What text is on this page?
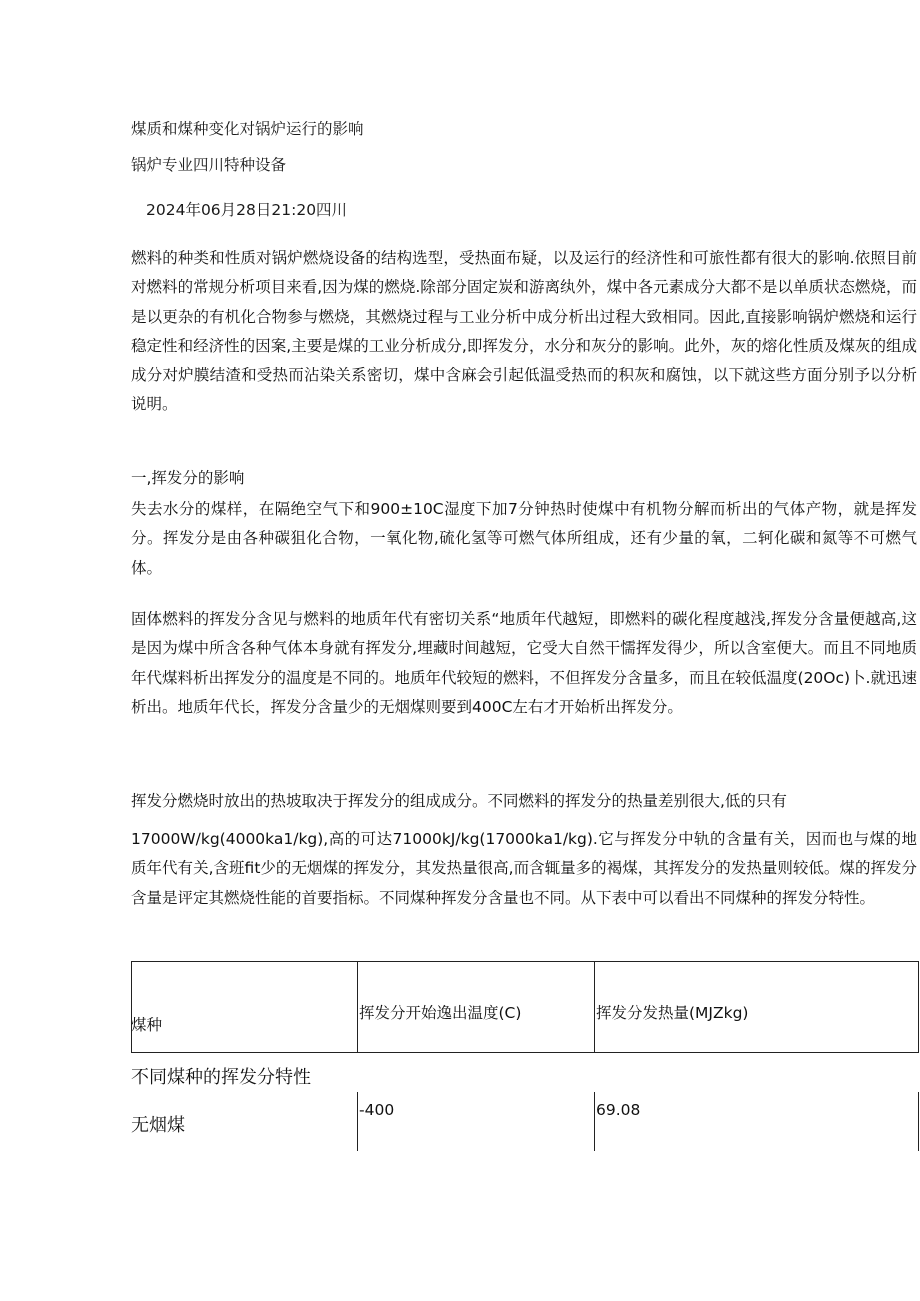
煤质和煤种变化对锅炉运行的影响
锅炉专业四川特种设备
2024年06月28日21:20四川

燃料的种类和性质对锅炉燃烧设备的结构选型，受热面布疑，以及运行的经济性和可旅性都有很大的影响.依照目前对燃料的常规分析项目来看,因为煤的燃烧.除部分固定炭和游离纨外，煤中各元素成分大都不是以单质状态燃烧，而是以更杂的有机化合物参与燃烧，其燃烧过程与工业分析中成分析出过程大致相同。因此,直接影响锅炉燃烧和运行稳定性和经济性的因案,主要是煤的工业分析成分,即挥发分，水分和灰分的影响。此外，灰的熔化性质及煤灰的组成成分对炉膜结渣和受热而沾染关系密切，煤中含麻会引起低温受热而的积灰和腐蚀，以下就这些方面分别予以分析说明。

一,挥发分的影响

失去水分的煤样，在隔绝空气下和900±10C湿度下加7分钟热时使煤中有机物分解而析出的气体产物，就是挥发分。挥发分是由各种碳狙化合物，一氧化物,硫化氢等可燃气体所组成，还有少量的氧，二轲化碳和氮等不可燃气体。

固体燃料的挥发分含见与燃料的地质年代有密切关系“地质年代越短，即燃料的碳化程度越浅,挥发分含量便越高,这是因为煤中所含各种气体本身就有挥发分,埋藏时间越短，它受大自然干懦挥发得少，所以含室便大。而且不同地质年代煤料析出挥发分的温度是不同的。地质年代较短的燃料，不但挥发分含量多，而且在较低温度(20Oc)卜.就迅速析出。地质年代长，挥发分含量少的无烟煤则要到400C左右才开始析出挥发分。

挥发分燃烧时放出的热坡取决于挥发分的组成成分。不同燃料的挥发分的热量差别很大,低的只有

17000W∕kg(4000ka1∕kg),高的可达71000kJ∕kg(17000ka1∕kg).它与挥发分中轨的含量有关，因而也与煤的地质年代有关,含班fit少的无烟煤的挥发分，其发热量很高,而含辄量多的褐煤，其挥发分的发热量则较低。煤的挥发分含量是评定其燃烧性能的首要指标。不同煤种挥发分含量也不同。从下表中可以看出不同煤种的挥发分特性。

煤种
挥发分开始逸出温度(C)	挥发分发热量(MJZkg)
不同煤种的挥发分特性
无烟煤
-400	69.08
